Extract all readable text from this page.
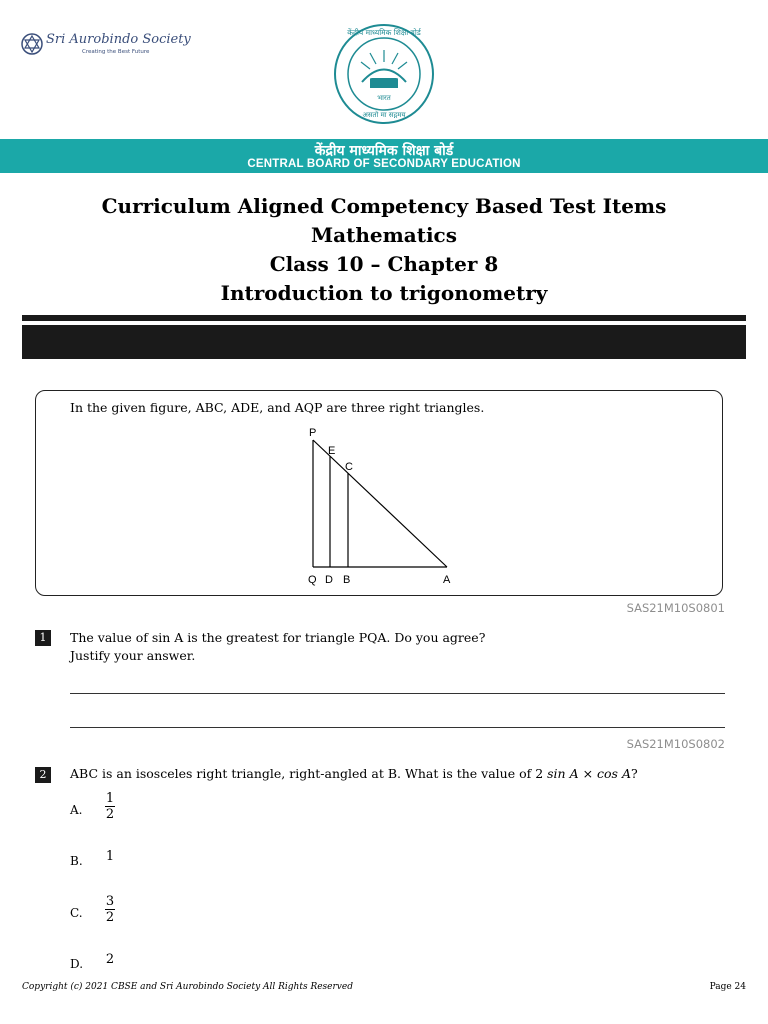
Sri Aurobindo Society
Creating the Best Future
केंद्रीय माध्यमिक शिक्षा बोर्ड
भारत
असतो मा सद्गमय
केंद्रीय माध्यमिक शिक्षा बोर्ड
CENTRAL BOARD OF SECONDARY EDUCATION
Curriculum Aligned Competency Based Test Items
Mathematics
Class 10 – Chapter 8
Introduction to trigonometry
In the given figure, ABC, ADE, and AQP are three right triangles.
P
E
C
Q D B	A
SAS21M10S0801
1	The value of sin A is the greatest for triangle PQA. Do you agree?
Justify your answer.
SAS21M10S0802
2	ABC is an isosceles right triangle, right-angled at B. What is the value of 2 sin A × cos A?
A. $\frac{1}{2}$
B. 1
C. $\frac{3}{2}$
D. 2
Copyright (c) 2021 CBSE and Sri Aurobindo Society All Rights Reserved	Page 24
